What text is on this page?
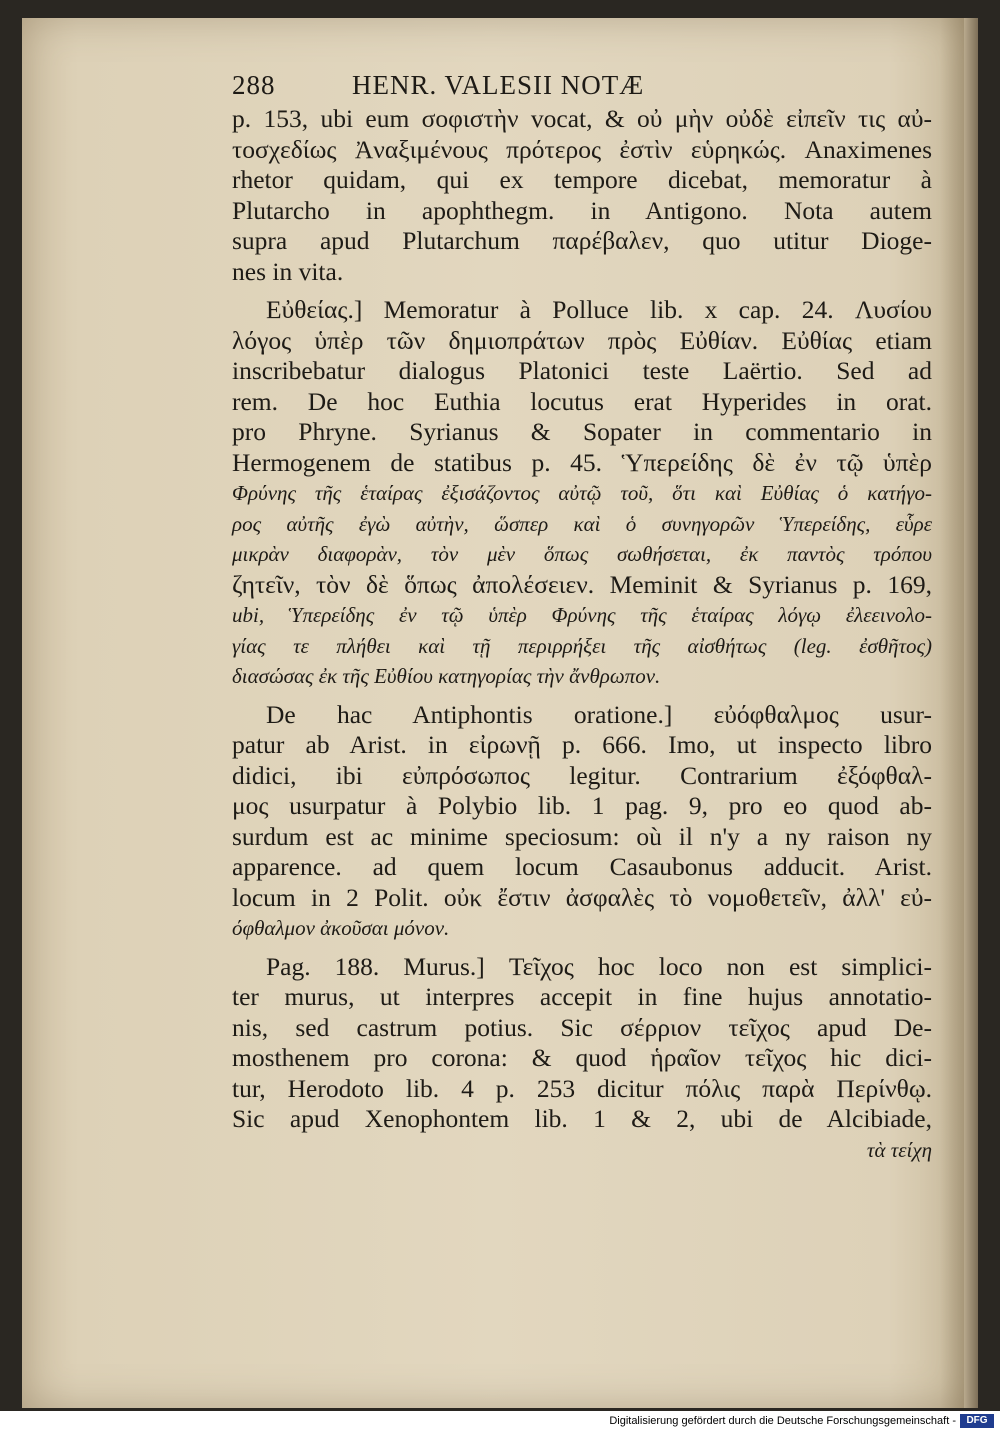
288	HENR. VALESII NOTÆ
p. 153, ubi eum σοφιστὴν vocat, & οὐ μὴν οὐδὲ εἰπεῖν τις αὐ-
τοσχεδίως Ἀναξιμένους πρότερος ἐστὶν εὑρηκώς. Anaximenes
rhetor quidam, qui ex tempore dicebat, memoratur à
Plutarcho in apophthegm. in Antigono. Nota autem
supra apud Plutarchum παρέβαλεν, quo utitur Dioge-
nes in vita.
Εὐθείας.] Memoratur à Polluce lib. x cap. 24. Λυσίου
λόγος ὑπὲρ τῶν δημιοπράτων πρὸς Εὐθίαν. Εὐθίας etiam
inscribebatur dialogus Platonici teste Laërtio. Sed ad
rem. De hoc Euthia locutus erat Hyperides in orat.
pro Phryne. Syrianus & Sopater in commentario in
Hermogenem de statibus p. 45. Ὑπερείδης δὲ ἐν τῷ ὑπὲρ
Φρύνης τῆς ἑταίρας ἐξισάζοντος αὐτῷ τοῦ, ὅτι καὶ Εὐθίας ὁ κατήγο-
ρος αὐτῆς ἐγὼ αὐτὴν, ὥσπερ καὶ ὁ συνηγορῶν Ὑπερείδης, εὗρε
μικρὰν διαφορὰν, τὸν μὲν ὅπως σωθήσεται, ἐκ παντὸς τρόπου
ζητεῖν, τὸν δὲ ὅπως ἀπολέσειεν. Meminit & Syrianus p. 169,
ubi, Ὑπερείδης ἐν τῷ ὑπὲρ Φρύνης τῆς ἑταίρας λόγῳ ἐλεεινολο-
γίας τε πλήθει καὶ τῇ περιρρήξει τῆς αἰσθήτως (leg. ἐσθῆτος)
διασώσας ἐκ τῆς Εὐθίου κατηγορίας τὴν ἄνθρωπον.
De hac Antiphontis oratione.] εὐόφθαλμος usur-
patur ab Arist. in εἰρωνῇ p. 666. Imo, ut inspecto libro
didici, ibi εὐπρόσωπος legitur. Contrarium ἐξόφθαλ-
μος usurpatur à Polybio lib. 1 pag. 9, pro eo quod ab-
surdum est ac minime speciosum: où il n'y a ny raison ny
apparence. ad quem locum Casaubonus adducit. Arist.
locum in 2 Polit. οὐκ ἔστιν ἀσφαλὲς τὸ νομοθετεῖν, ἀλλ' εὐ-
όφθαλμον ἀκοῦσαι μόνον.
Pag. 188. Murus.] Τεῖχος hoc loco non est simplici-
ter murus, ut interpres accepit in fine hujus annotatio-
nis, sed castrum potius. Sic σέρριον τεῖχος apud De-
mosthenem pro corona: & quod ἡραῖον τεῖχος hic dici-
tur, Herodoto lib. 4 p. 253 dicitur πόλις παρὰ Περίνθῳ.
Sic apud Xenophontem lib. 1 & 2, ubi de Alcibiade,
τὰ τείχη
Digitalisierung gefördert durch die Deutsche Forschungsgemeinschaft -	DFG
